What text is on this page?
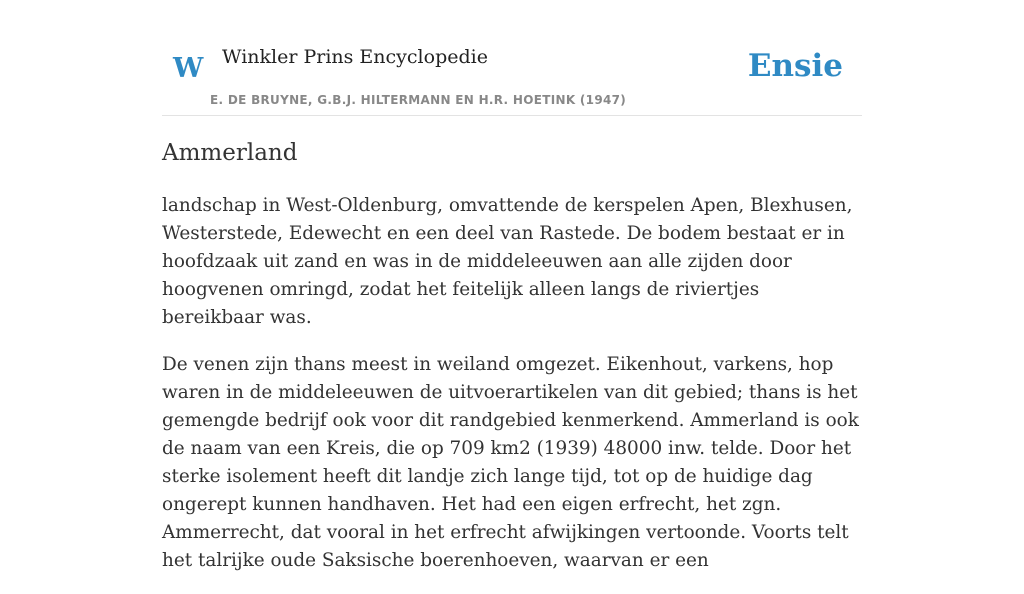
W Winkler Prins Encyclopedie
E. DE BRUYNE, G.B.J. HILTERMANN EN H.R. HOETINK (1947)
Ensie
Ammerland

landschap in West-Oldenburg, omvattende de kerspelen Apen, Blexhusen, Westerstede, Edewecht en een deel van Rastede. De bodem bestaat er in hoofdzaak uit zand en was in de middeleeuwen aan alle zijden door hoogvenen omringd, zodat het feitelijk alleen langs de riviertjes bereikbaar was.

De venen zijn thans meest in weiland omgezet. Eikenhout, varkens, hop waren in de middeleeuwen de uitvoerartikelen van dit gebied; thans is het gemengde bedrijf ook voor dit randgebied kenmerkend. Ammerland is ook de naam van een Kreis, die op 709 km2 (1939) 48000 inw. telde. Door het sterke isolement heeft dit landje zich lange tijd, tot op de huidige dag ongerept kunnen handhaven. Het had een eigen erfrecht, het zgn. Ammerrecht, dat vooral in het erfrecht afwijkingen vertoonde. Voorts telt het talrijke oude Saksische boerenhoeven, waarvan er een
